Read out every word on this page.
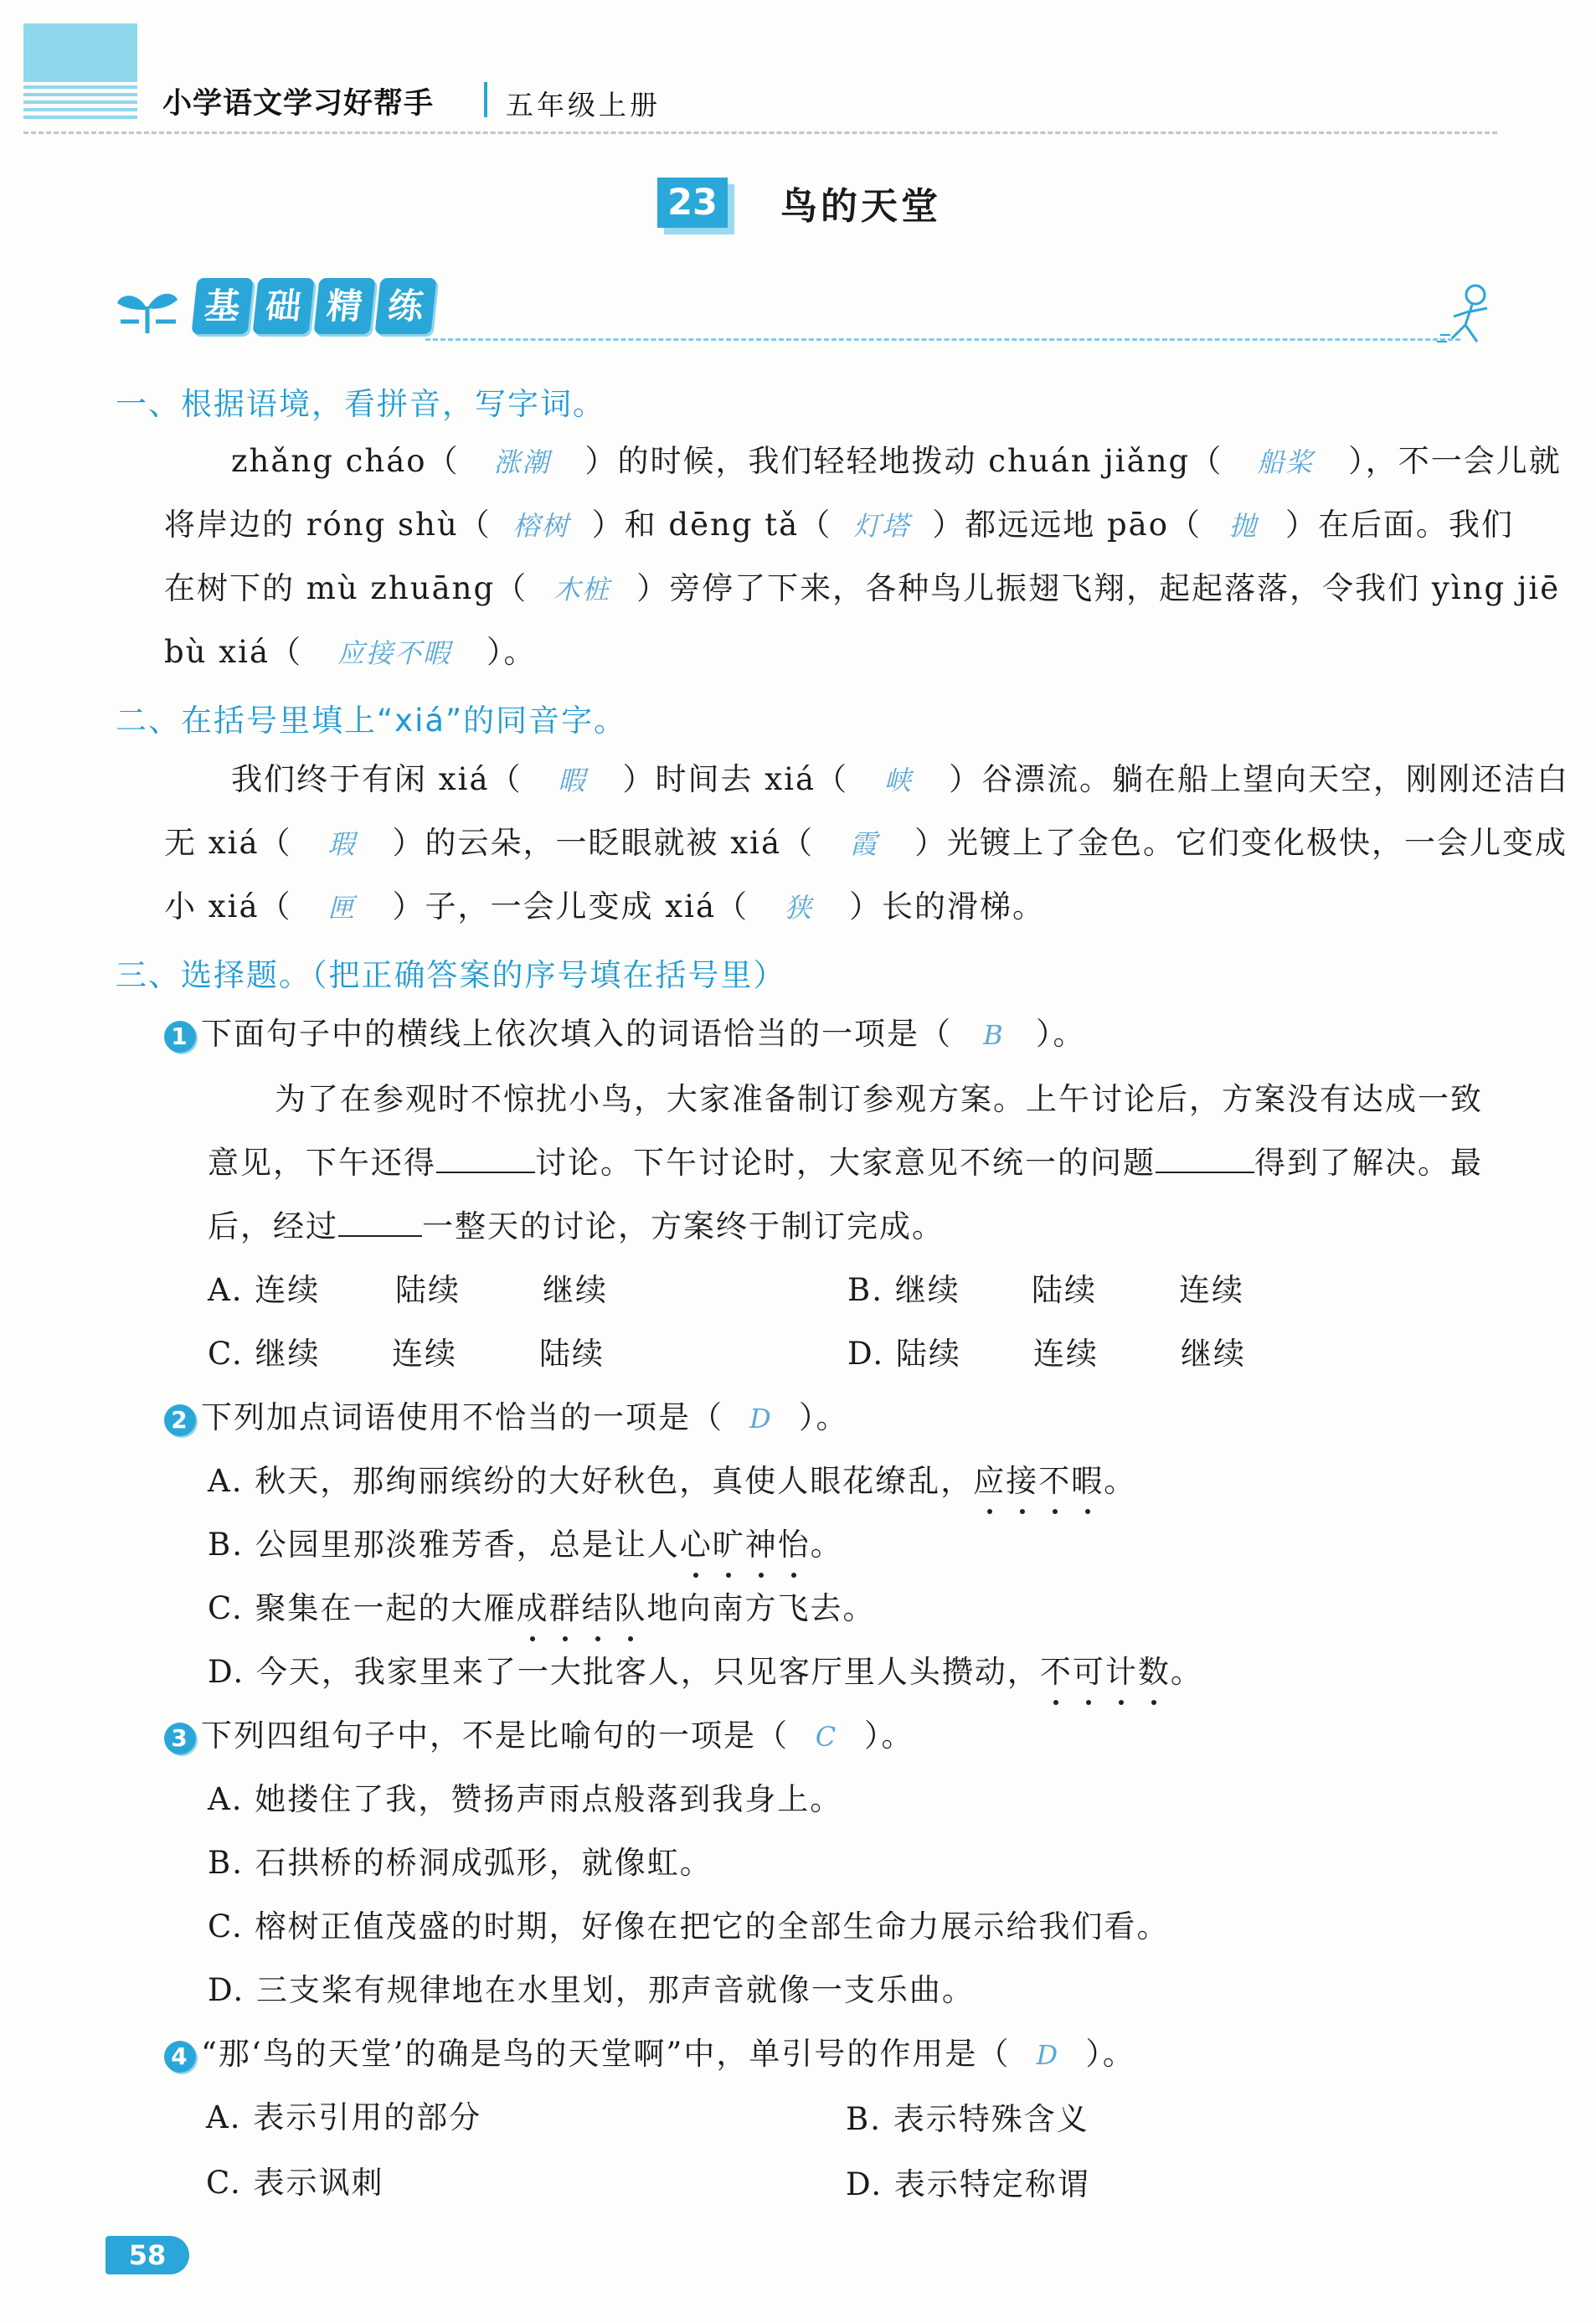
小学语文学习好帮手	五年级上册
23 鸟的天堂
基 础 精 练
一、根据语境，看拼音，写字词。
zhǎng cháo（ 涨潮 ）的时候，我们轻轻地拨动 chuán jiǎng（ 船桨 ），不一会儿就
将岸边的 róng shù（ 榕树 ）和 dēng tǎ（ 灯塔 ）都远远地 pāo（ 抛 ）在后面。我们
在树下的 mù zhuāng（ 木桩 ）旁停了下来，各种鸟儿振翅飞翔，起起落落，令我们 yìng jiē
bù xiá（ 应接不暇 ）。
二、在括号里填上“xiá”的同音字。
我们终于有闲 xiá（ 暇 ）时间去 xiá（ 峡 ）谷漂流。躺在船上望向天空，刚刚还洁白
无 xiá（ 瑕 ）的云朵，一眨眼就被 xiá（ 霞 ）光镀上了金色。它们变化极快，一会儿变成
小 xiá（ 匣 ）子，一会儿变成 xiá（ 狭 ）长的滑梯。
三、选择题。（把正确答案的序号填在括号里）
1 下面句子中的横线上依次填入的词语恰当的一项是（ B ）。
为了在参观时不惊扰小鸟，大家准备制订参观方案。上午讨论后，方案没有达成一致
意见，下午还得	讨论。下午讨论时，大家意见不统一的问题	得到了解决。最
后，经过	一整天的讨论，方案终于制订完成。
A. 连续 陆续	继续	B. 继续 陆续	连续
C. 继续 连续	陆续	D. 陆续 连续	继续
2 下列加点词语使用不恰当的一项是（ D ）。
A. 秋天，那绚丽缤纷的大好秋色，真使人眼花缭乱，应接不暇。
B. 公园里那淡雅芳香，总是让人心旷神怡。
C. 聚集在一起的大雁成群结队地向南方飞去。
D. 今天，我家里来了一大批客人，只见客厅里人头攒动，不可计数。
3 下列四组句子中，不是比喻句的一项是（ C ）。
A. 她搂住了我，赞扬声雨点般落到我身上。
B. 石拱桥的桥洞成弧形，就像虹。
C. 榕树正值茂盛的时期，好像在把它的全部生命力展示给我们看。
D. 三支桨有规律地在水里划，那声音就像一支乐曲。
4 “那‘鸟的天堂’的确是鸟的天堂啊”中，单引号的作用是（ D ）。
A. 表示引用的部分	B. 表示特殊含义
C. 表示讽刺	D. 表示特定称谓
58
